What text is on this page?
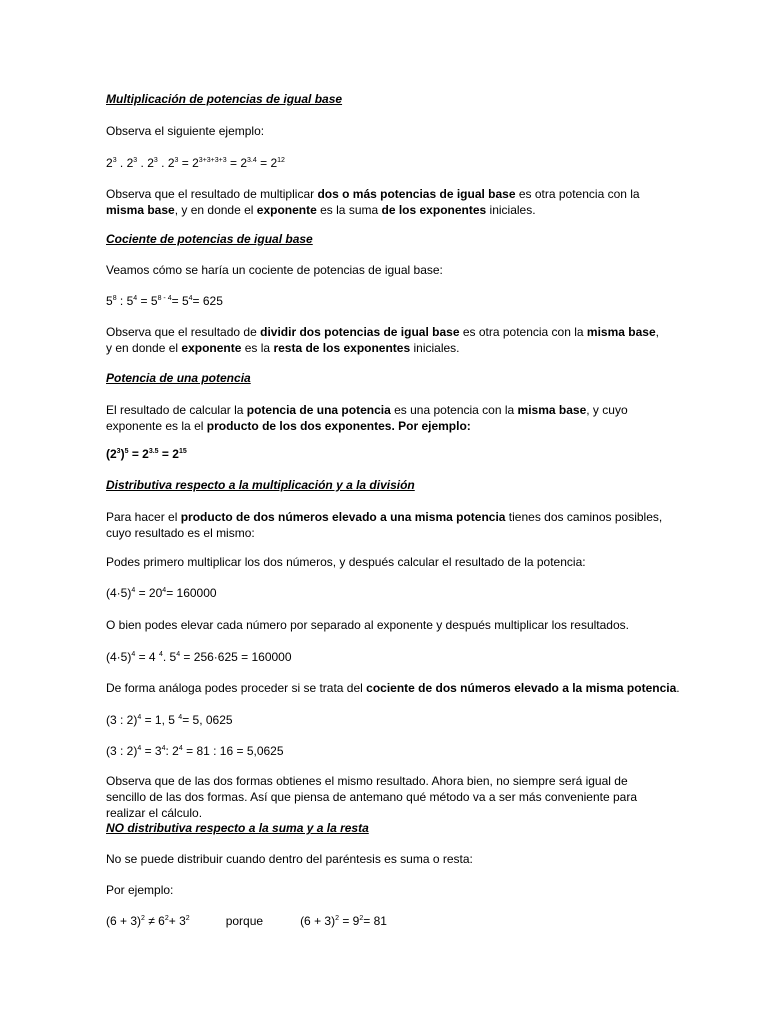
Multiplicación de potencias de igual base

Observa el siguiente ejemplo:

$2^3$ . $2^3$ . $2^3$ . $2^3 = 2^{3+3+3+3} = 2^{3.4} = 2^{12}$

Observa que el resultado de multiplicar dos o más potencias de igual base es otra potencia con la misma base, y en donde el exponente es la suma de los exponentes iniciales.

Cociente de potencias de igual base

Veamos cómo se haría un cociente de potencias de igual base:

$5^8$ : $5^4 = 5^{8 - 4}= 5^4= 625$

Observa que el resultado de dividir dos potencias de igual base es otra potencia con la misma base, y en donde el exponente es la resta de los exponentes iniciales.

Potencia de una potencia

El resultado de calcular la potencia de una potencia es una potencia con la misma base, y cuyo exponente es la el producto de los dos exponentes. Por ejemplo:

$(2^3)^5 = 2^{3.5} = 2^{15}$

Distributiva respecto a la multiplicación y a la división

Para hacer el producto de dos números elevado a una misma potencia tienes dos caminos posibles, cuyo resultado es el mismo:

Podes primero multiplicar los dos números, y después calcular el resultado de la potencia:

$(4\cdot 5)^4 = 20^4= 160000$

O bien podes elevar cada número por separado al exponente y después multiplicar los resultados.

$(4\cdot 5)^4 = 4$ $^4$. $5^4 = 256\cdot 625 = 160000$

De forma análoga podes proceder si se trata del cociente de dos números elevado a la misma potencia.

(3 : 2)$^4$ = 1, 5 $^4$= 5, 0625

(3 : $2)^4 = 3^4$: $2^4 = 81$ : 16 = 5,0625

Observa que de las dos formas obtienes el mismo resultado. Ahora bien, no siempre será igual de sencillo de las dos formas. Así que piensa de antemano qué método va a ser más conveniente para realizar el cálculo.

NO distributiva respecto a la suma y a la resta

No se puede distribuir cuando dentro del paréntesis es suma o resta:

Por ejemplo:

$(6 + 3)^2 \ne 6^2+ 3^2$	porque	$(6 + 3)^2 = 9^2= 81$
